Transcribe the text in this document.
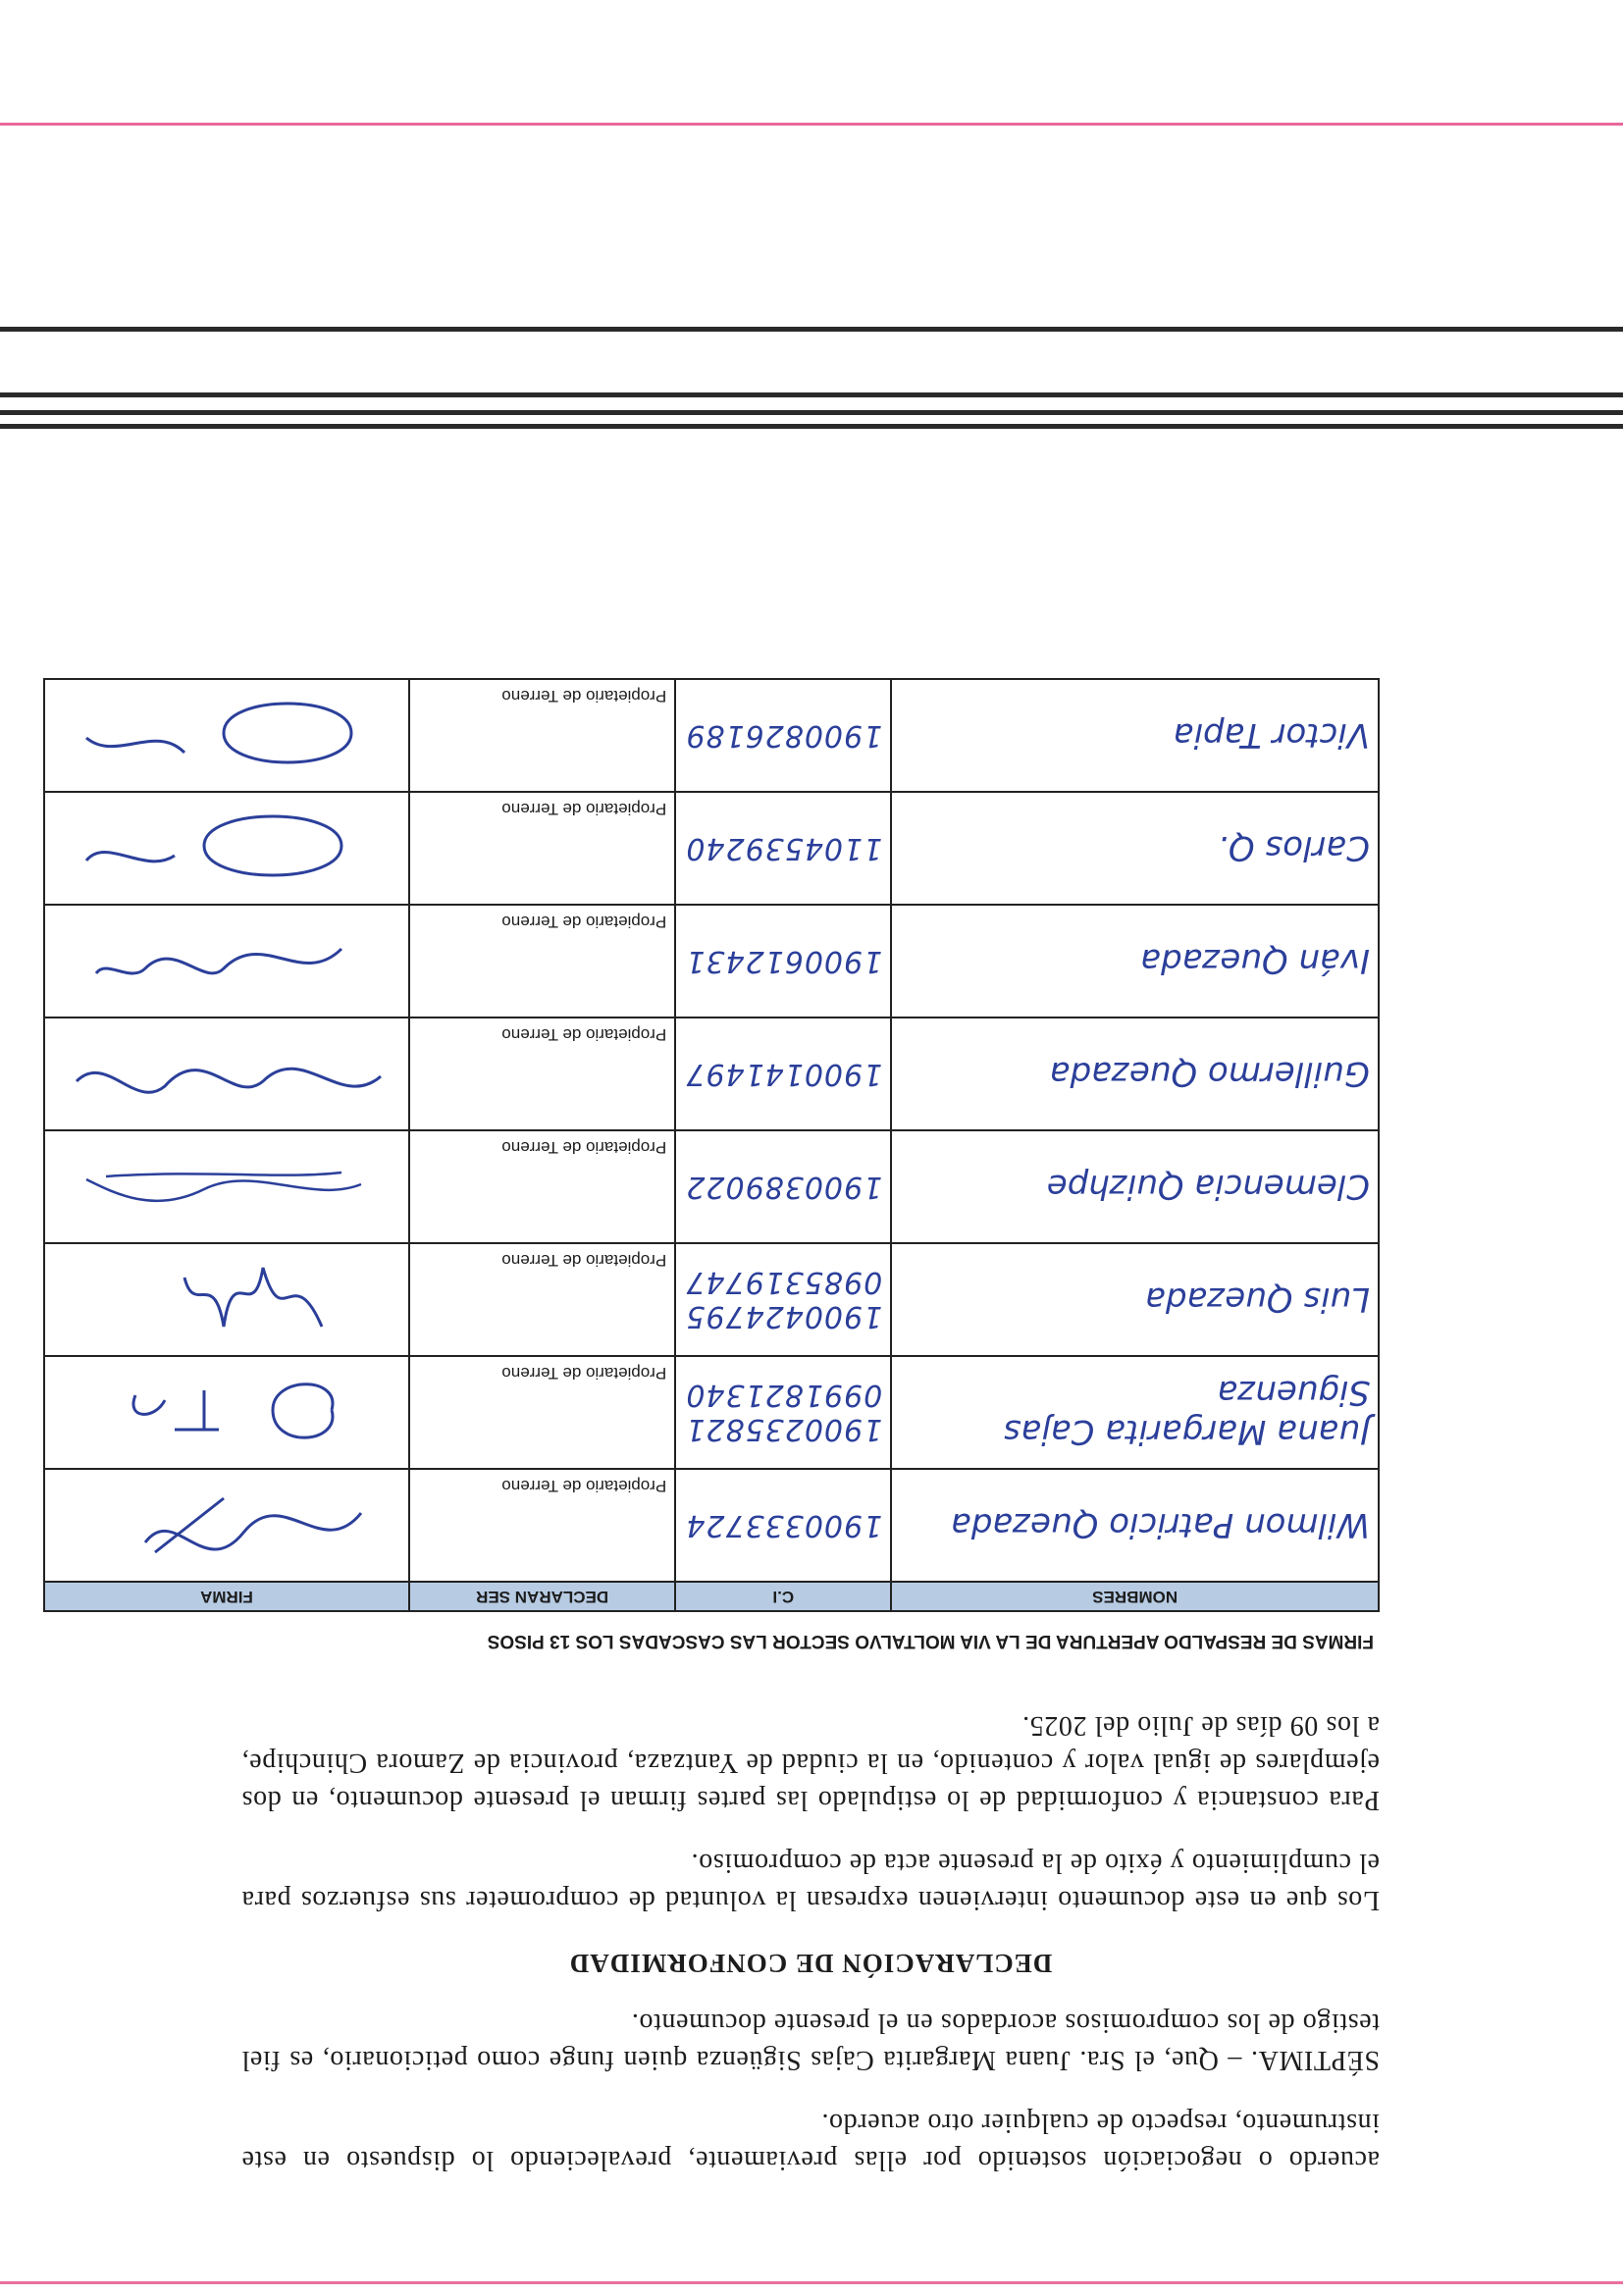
acuerdo o negociación sostenido por ellas previamente, prevaleciendo lo dispuesto en este instrumento, respecto de cualquier otro acuerdo.

SÉPTIMA. – Que, el Sra. Juana Margarita Cajas Sigüenza quien funge como peticionario, es fiel testigo de los compromisos acordados en el presente documento.

DECLARACIÓN DE CONFORMIDAD

Los que en este documento intervienen expresan la voluntad de comprometer sus esfuerzos para el cumplimiento y éxito de la presente acta de compromiso.

Para constancia y conformidad de lo estipulado las partes firman el presente documento, en dos ejemplares de igual valor y contenido, en la ciudad de Yantzaza, provincia de Zamora Chinchipe, a los 09 días de Julio del 2025.

FIRMAS DE RESPALDO APERTURA DE LA VIA MOLTALVO SECTOR LAS CASCADAS LOS 13 PISOS
NOMBRES	C.I	DECLARAN SER	FIRMA
Wilmon Patricio Quezada	1900333724	Propietario de Terreno	

Juana Margarita Cajas Siguenza	1900235821 0991821340	Propietario de Terreno	

Luis Quezada	1900424795 0985319747	Propietario de Terreno	

Clemencia Quizhpe	1900389022	Propietario de Terreno	

Guillermo Quezada	1900141497	Propietario de Terreno	

Iván Quezada	1900612431	Propietario de Terreno	

Carlos Q.	1104539240	Propietario de Terreno	

Victor Tapia	1900826189	Propietario de Terreno	
